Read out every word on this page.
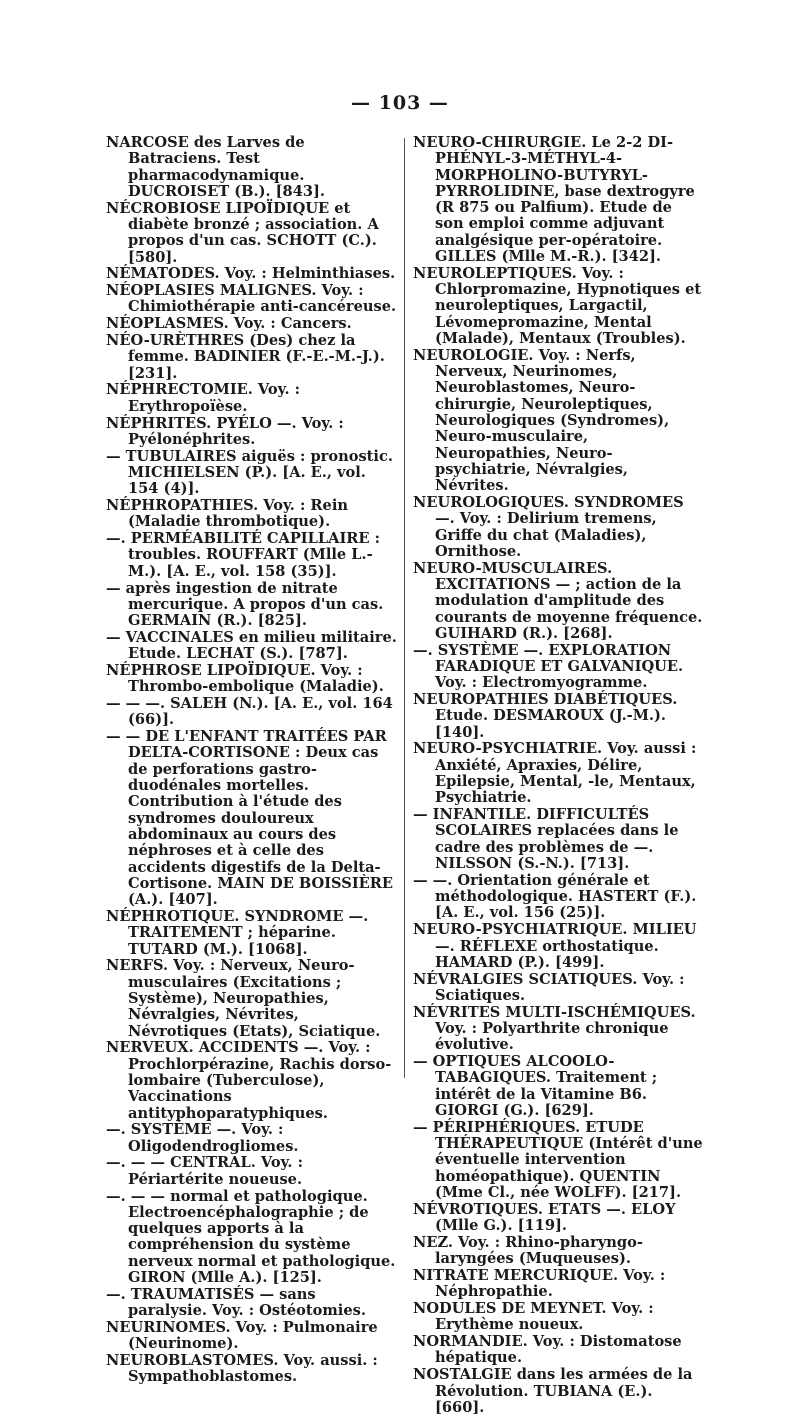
— 103 —

NARCOSE des Larves de Batraciens. Test pharmacodynamique. DUCROISET (B.). [843].

NÉCROBIOSE LIPOÏDIQUE et diabète bronzé ; association. A propos d'un cas. SCHOTT (C.). [580].

NÉMATODES. Voy. : Helminthiases.

NÉOPLASIES MALIGNES. Voy. : Chimiothérapie anti-cancéreuse.

NÉOPLASMES. Voy. : Cancers.

NÉO-URÈTHRES (Des) chez la femme. BADINIER (F.-E.-M.-J.). [231].

NÉPHRECTOMIE. Voy. : Erythropoïèse.

NÉPHRITES. PYÉLO —. Voy. : Pyélonéphrites.

— TUBULAIRES aiguës : pronostic. MICHIELSEN (P.). [A. E., vol. 154 (4)].

NÉPHROPATHIES. Voy. : Rein (Maladie thrombotique).

—. PERMÉABILITÉ CAPILLAIRE : troubles. ROUFFART (Mlle L.-M.). [A. E., vol. 158 (35)].

— après ingestion de nitrate mercurique. A propos d'un cas. GERMAIN (R.). [825].

— VACCINALES en milieu militaire. Etude. LECHAT (S.). [787].

NÉPHROSE LIPOÏDIQUE. Voy. : Thrombo-embolique (Maladie).

— — —. SALEH (N.). [A. E., vol. 164 (66)].

— — DE L'ENFANT TRAITÉES PAR DELTA-CORTISONE : Deux cas de perforations gastro-duodénales mortelles. Contribution à l'étude des syndromes douloureux abdominaux au cours des néphroses et à celle des accidents digestifs de la Delta-Cortisone. MAIN DE BOISSIÈRE (A.). [407].

NÉPHROTIQUE. SYNDROME —. TRAITEMENT ; héparine. TUTARD (M.). [1068].

NERFS. Voy. : Nerveux, Neuro-musculaires (Excitations ; Système), Neuropathies, Névralgies, Névrites, Névrotiques (Etats), Sciatique.

NERVEUX. ACCIDENTS —. Voy. : Prochlorpérazine, Rachis dorso-lombaire (Tuberculose), Vaccinations antityphoparatyphiques.

—. SYSTÈME —. Voy. : Oligodendrogliomes.

—. — — CENTRAL. Voy. : Périartérite noueuse.

—. — — normal et pathologique. Electroencéphalographie ; de quelques apports à la compréhension du système nerveux normal et pathologique. GIRON (Mlle A.). [125].

—. TRAUMATISÉS — sans paralysie. Voy. : Ostéotomies.

NEURINOMES. Voy. : Pulmonaire (Neurinome).

NEUROBLASTOMES. Voy. aussi. : Sympathoblastomes.

NEURO-CHIRURGIE. Le 2-2 DI-PHÉNYL-3-MÉTHYL-4-MORPHOLINO-BUTYRYL-PYRROLIDINE, base dextrogyre (R 875 ou Palfium). Etude de son emploi comme adjuvant analgésique per-opératoire. GILLES (Mlle M.-R.). [342].

NEUROLEPTIQUES. Voy. : Chlorpromazine, Hypnotiques et neuroleptiques, Largactil, Lévomepromazine, Mental (Malade), Mentaux (Troubles).

NEUROLOGIE. Voy. : Nerfs, Nerveux, Neurinomes, Neuroblastomes, Neuro-chirurgie, Neuroleptiques, Neurologiques (Syndromes), Neuro-musculaire, Neuropathies, Neuro-psychiatrie, Névralgies, Névrites.

NEUROLOGIQUES. SYNDROMES —. Voy. : Delirium tremens, Griffe du chat (Maladies), Ornithose.

NEURO-MUSCULAIRES. EXCITATIONS — ; action de la modulation d'amplitude des courants de moyenne fréquence. GUIHARD (R.). [268].

—. SYSTÈME —. EXPLORATION FARADIQUE ET GALVANIQUE. Voy. : Electromyogramme.

NEUROPATHIES DIABÉTIQUES. Etude. DESMAROUX (J.-M.). [140].

NEURO-PSYCHIATRIE. Voy. aussi : Anxiété, Apraxies, Délire, Epilepsie, Mental, -le, Mentaux, Psychiatrie.

— INFANTILE. DIFFICULTÉS SCOLAIRES replacées dans le cadre des problèmes de —. NILSSON (S.-N.). [713].

— —. Orientation générale et méthodologique. HASTERT (F.). [A. E., vol. 156 (25)].

NEURO-PSYCHIATRIQUE. MILIEU —. RÉFLEXE orthostatique. HAMARD (P.). [499].

NÉVRALGIES SCIATIQUES. Voy. : Sciatiques.

NÉVRITES MULTI-ISCHÉMIQUES. Voy. : Polyarthrite chronique évolutive.

— OPTIQUES ALCOOLO-TABAGIQUES. Traitement ; intérêt de la Vitamine B6. GIORGI (G.). [629].

— PÉRIPHÉRIQUES. ETUDE THÉRAPEUTIQUE (Intérêt d'une éventuelle intervention homéopathique). QUENTIN (Mme Cl., née WOLFF). [217].

NÉVROTIQUES. ETATS —. ELOY (Mlle G.). [119].

NEZ. Voy. : Rhino-pharyngo-laryngées (Muqueuses).

NITRATE MERCURIQUE. Voy. : Néphropathie.

NODULES DE MEYNET. Voy. : Erythème noueux.

NORMANDIE. Voy. : Distomatose hépatique.

NOSTALGIE dans les armées de la Révolution. TUBIANA (E.). [660].
